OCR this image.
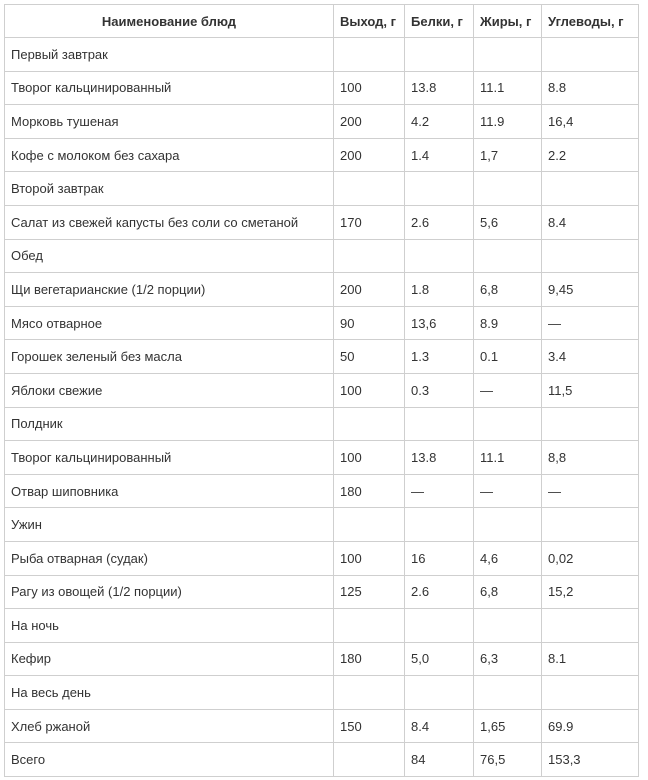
Наименование блюд	Выход, г	Белки, г	Жиры, г	Углеводы, г
Первый завтрак				
Творог кальцинированный	100	13.8	11.1	8.8
Морковь тушеная	200	4.2	11.9	16,4
Кофе с молоком без сахара	200	1.4	1,7	2.2
Второй завтрак				
Салат из свежей капусты без соли со сметаной	170	2.6	5,6	8.4
Обед				
Щи вегетарианские (1/2 порции)	200	1.8	6,8	9,45
Мясо отварное	90	13,6	8.9	—
Горошек зеленый без масла	50	1.3	0.1	3.4
Яблоки свежие	100	0.3	—	11,5
Полдник				
Творог кальцинированный	100	13.8	11.1	8,8
Отвар шиповника	180	—	—	—
Ужин				
Рыба отварная (судак)	100	16	4,6	0,02
Рагу из овощей (1/2 порции)	125	2.6	6,8	15,2
На ночь				
Кефир	180	5,0	6,3	8.1
На весь день				
Хлеб ржаной	150	8.4	1,65	69.9
Всего		84	76,5	153,3
